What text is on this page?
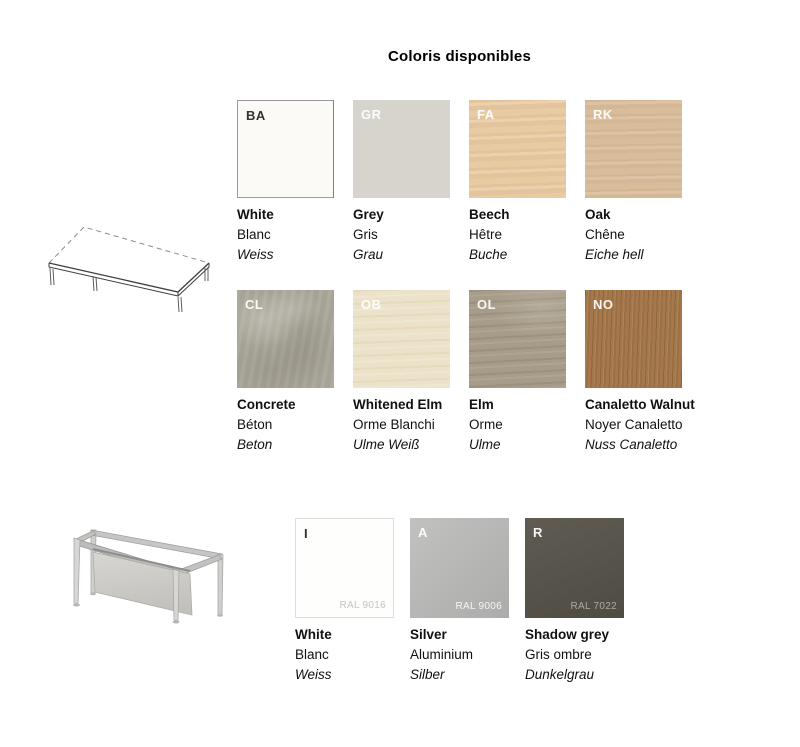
Coloris disponibles
BA
White
Blanc
Weiss
GR
Grey
Gris
Grau
FA
Beech
Hêtre
Buche
RK
Oak
Chêne
Eiche hell
CL
Concrete
Béton
Beton
OB
Whitened Elm
Orme Blanchi
Ulme Weiß
OL
Elm
Orme
Ulme
NO
Canaletto Walnut
Noyer Canaletto
Nuss Canaletto
I
RAL 9016
White
Blanc
Weiss
A
RAL 9006
Silver
Aluminium
Silber
R
RAL 7022
Shadow grey
Gris ombre
Dunkelgrau
